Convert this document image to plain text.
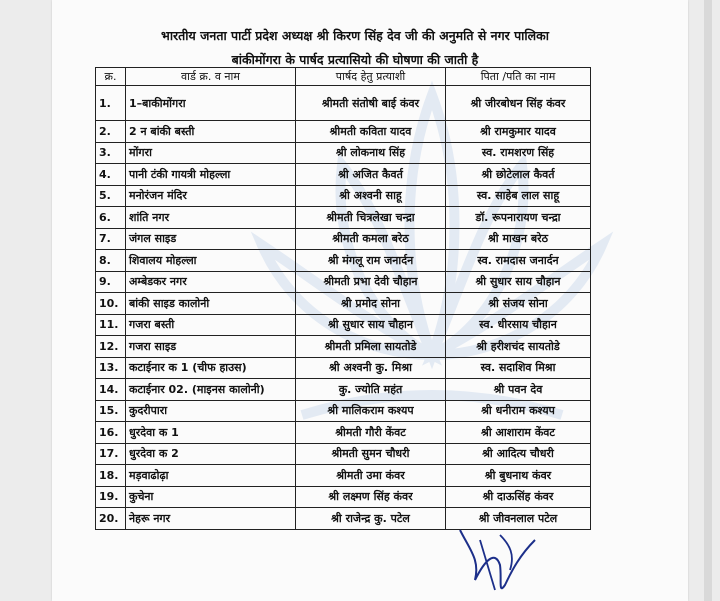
भारतीय जनता पार्टी प्रदेश अध्यक्ष श्री किरण सिंह देव जी की अनुमति से नगर पालिका
बांकीमोंगरा के पार्षद प्रत्यासियो की घोषणा की जाती है
क्र.	वार्ड क्र. व नाम	पार्षद हेतु प्रत्याशी	पिता /पति का नाम
1.	1–बाकीमोंगरा	श्रीमती संतोषी बाई कंवर	श्री जीरबोधन सिंह कंवर
2.	2 न बांकी बस्ती	श्रीमती कविता यादव	श्री रामकुमार यादव
3.	मोंगरा	श्री लोकनाथ सिंह	स्व. रामशरण सिंह
4.	पानी टंकी गायत्री मोहल्ला	श्री अजित कैवर्त	श्री छोटेलाल कैवर्त
5.	मनोरंजन मंदिर	श्री अश्वनी साहू	स्व. साहेब लाल साहू
6.	शांति नगर	श्रीमती चित्रलेखा चन्द्रा	डॉ. रूपनारायण चन्द्रा
7.	जंगल साइड	श्रीमती कमला बरेठ	श्री माखन बरेठ
8.	शिवालय मोहल्ला	श्री मंगलू राम जनार्दन	स्व. रामदास जनार्दन
9.	अम्बेडकर नगर	श्रीमती प्रभा देवी चौहान	श्री सुधार साय चौहान
10.	बांकी साइड कालोनी	श्री प्रमोद सोना	श्री संजय सोना
11.	गजरा बस्ती	श्री सुधार साय चौहान	स्व. धीरसाय चौहान
12.	गजरा साइड	श्रीमती प्रमिला सायतोडे	श्री हरीशचंद सायतोडे
13.	कटाईनार क 1 (चीफ हाउस)	श्री अश्वनी कु. मिश्रा	स्व. सदाशिव मिश्रा
14.	कटाईनार 02. (माइनस कालोनी)	कु. ज्योति महंत	श्री पवन देव
15.	कुदरीपारा	श्री मालिकराम कश्यप	श्री धनीराम कश्यप
16.	धुरदेवा क 1	श्रीमती गौरी केंवट	श्री आशाराम केंवट
17.	धुरदेवा क 2	श्रीमती सुमन चौधरी	श्री आदित्य चौधरी
18.	मड़वाढोढ़ा	श्रीमती उमा कंवर	श्री बुधनाथ कंवर
19.	कुचेना	श्री लक्ष्मण सिंह कंवर	श्री दाऊसिंह कंवर
20.	नेहरू नगर	श्री राजेन्द्र कु. पटेल	श्री जीवनलाल पटेल
